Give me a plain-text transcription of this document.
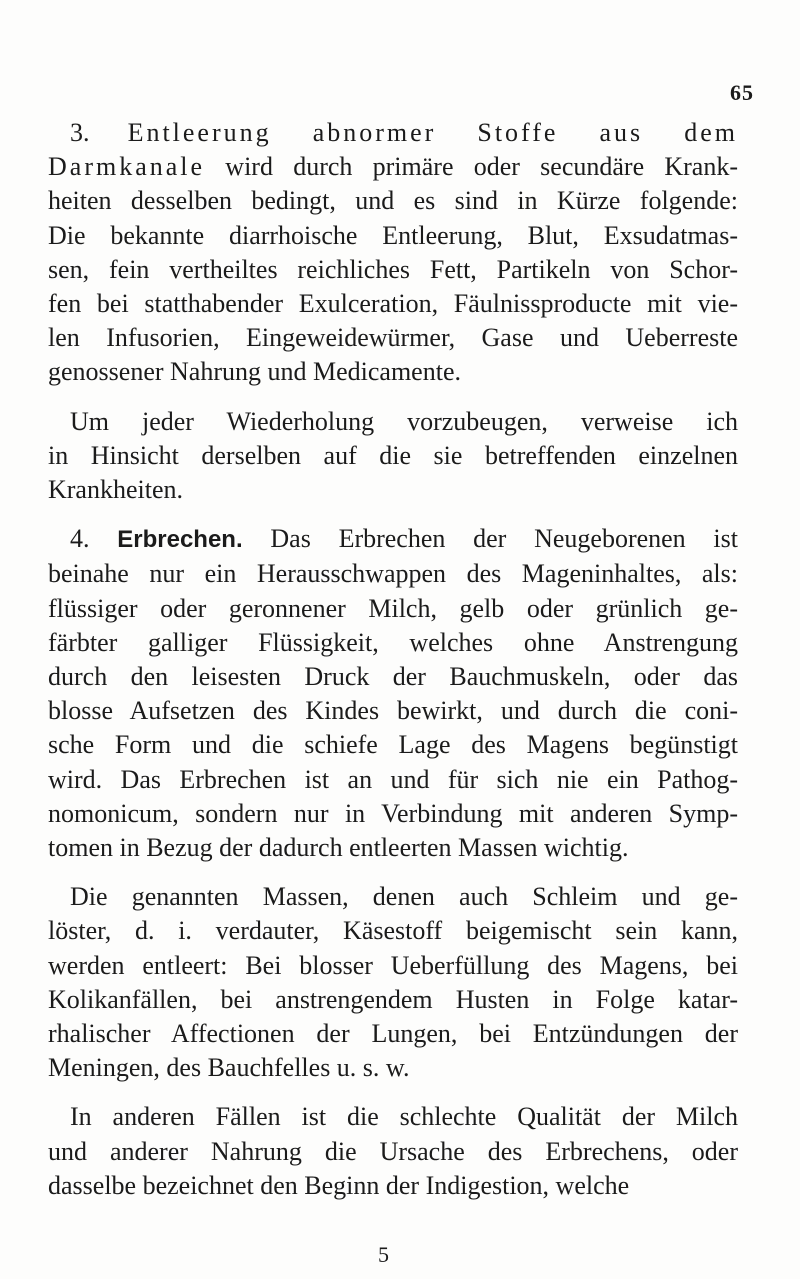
65
3. Entleerung abnormer Stoffe aus dem
Darmkanale wird durch primäre oder secundäre Krank-
heiten desselben bedingt, und es sind in Kürze folgende:
Die bekannte diarrhoische Entleerung, Blut, Exsudatmas-
sen, fein vertheiltes reichliches Fett, Partikeln von Schor-
fen bei statthabender Exulceration, Fäulnissproducte mit vie-
len Infusorien, Eingeweidewürmer, Gase und Ueberreste
genossener Nahrung und Medicamente.
Um jeder Wiederholung vorzubeugen, verweise ich
in Hinsicht derselben auf die sie betreffenden einzelnen
Krankheiten.
4. Erbrechen. Das Erbrechen der Neugeborenen ist
beinahe nur ein Herausschwappen des Mageninhaltes, als:
flüssiger oder geronnener Milch, gelb oder grünlich ge-
färbter galliger Flüssigkeit, welches ohne Anstrengung
durch den leisesten Druck der Bauchmuskeln, oder das
blosse Aufsetzen des Kindes bewirkt, und durch die coni-
sche Form und die schiefe Lage des Magens begünstigt
wird. Das Erbrechen ist an und für sich nie ein Pathog-
nomonicum, sondern nur in Verbindung mit anderen Symp-
tomen in Bezug der dadurch entleerten Massen wichtig.
Die genannten Massen, denen auch Schleim und ge-
löster, d. i. verdauter, Käsestoff beigemischt sein kann,
werden entleert: Bei blosser Ueberfüllung des Magens, bei
Kolikanfällen, bei anstrengendem Husten in Folge katar-
rhalischer Affectionen der Lungen, bei Entzündungen der
Meningen, des Bauchfelles u. s. w.
In anderen Fällen ist die schlechte Qualität der Milch
und anderer Nahrung die Ursache des Erbrechens, oder
dasselbe bezeichnet den Beginn der Indigestion, welche
5
